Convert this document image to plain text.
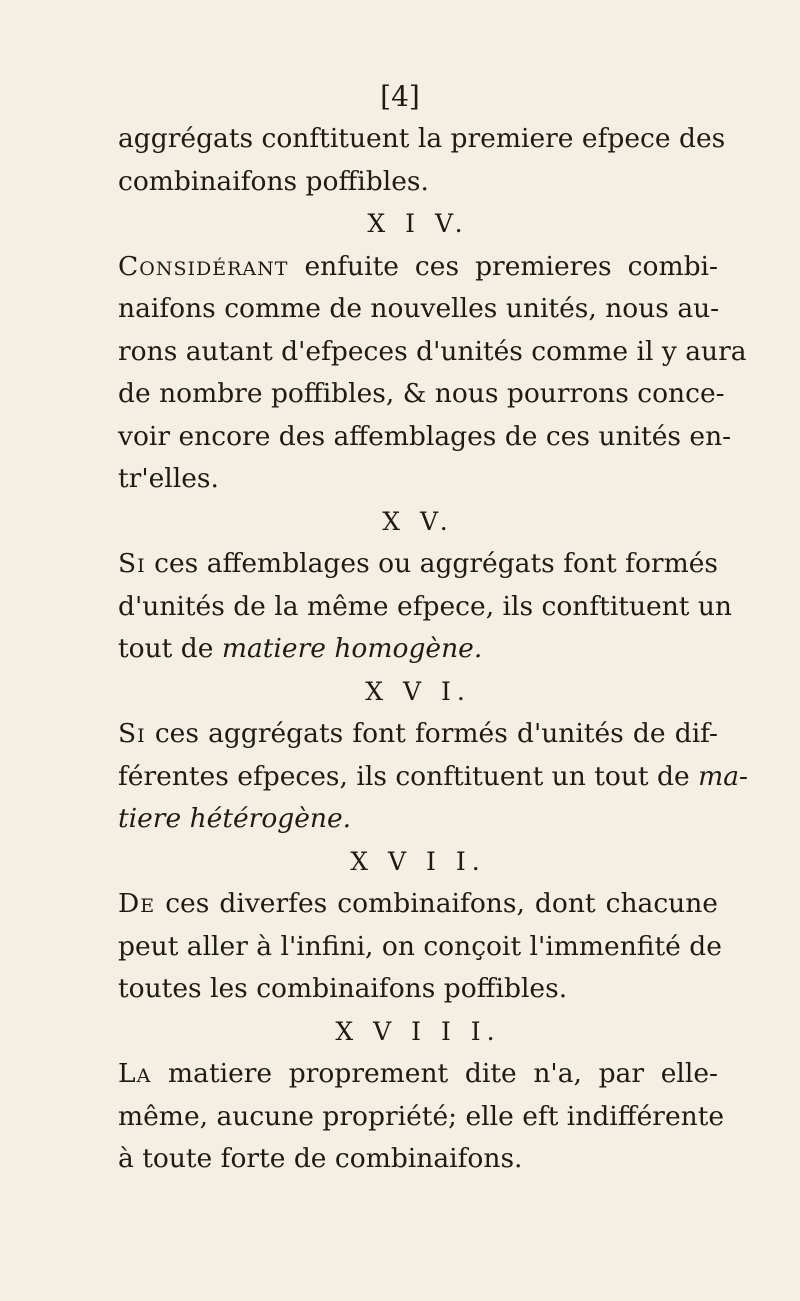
[4]
aggrégats conftituent la premiere efpece des
combinaifons poffibles.
X I V.
Considérant enfuite ces premieres combi-
naifons comme de nouvelles unités, nous au-
rons autant d'efpeces d'unités comme il y aura
de nombre poffibles, & nous pourrons conce-
voir encore des affemblages de ces unités en-
tr'elles.
X V.
Si ces affemblages ou aggrégats font formés
d'unités de la même efpece, ils conftituent un
tout de matiere homogène.
X V I.
Si ces aggrégats font formés d'unités de dif-
férentes efpeces, ils conftituent un tout de ma-
tiere hétérogène.
X V I I.
De ces diverfes combinaifons, dont chacune
peut aller à l'infini, on conçoit l'immenfité de
toutes les combinaifons poffibles.
X V I I I.
La matiere proprement dite n'a, par elle-
même, aucune propriété; elle eft indifférente
à toute forte de combinaifons.
